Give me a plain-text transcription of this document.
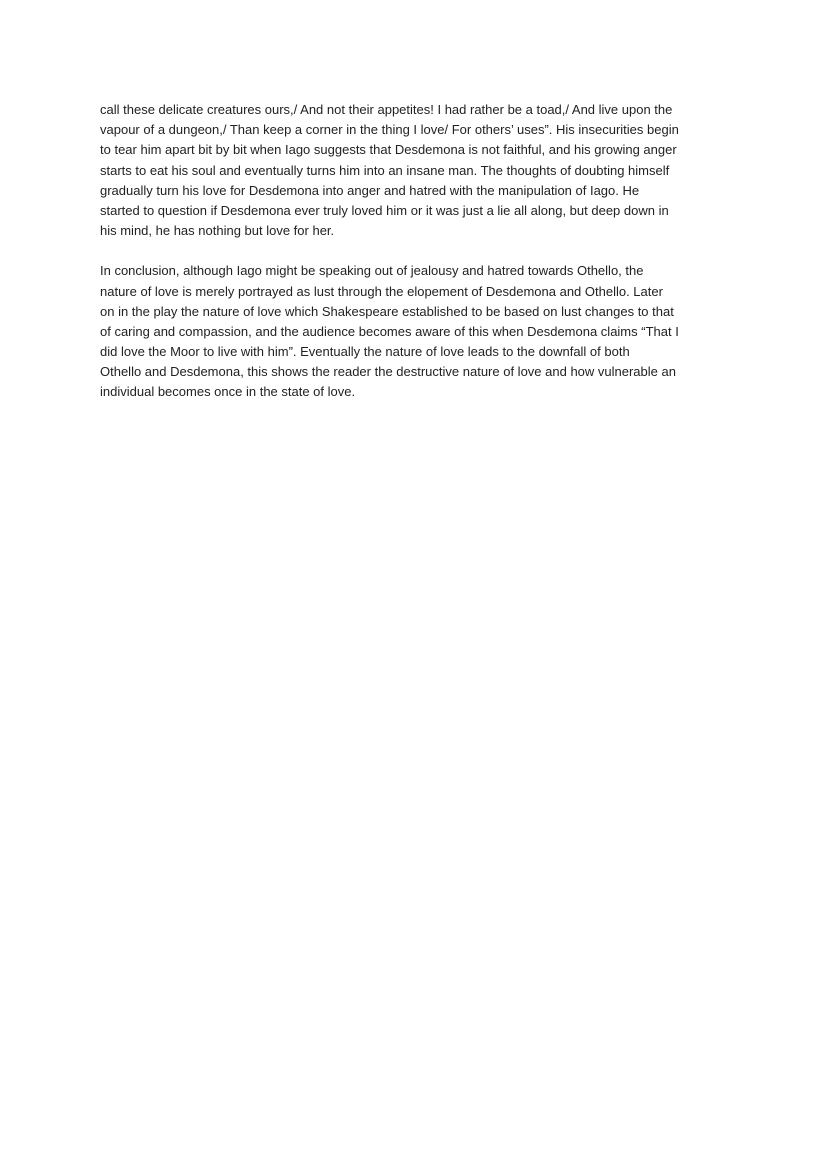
call these delicate creatures ours,/ And not their appetites! I had rather be a toad,/ And live upon the
vapour of a dungeon,/ Than keep a corner in the thing I love/ For others’ uses”. His insecurities begin
to tear him apart bit by bit when Iago suggests that Desdemona is not faithful, and his growing anger
starts to eat his soul and eventually turns him into an insane man. The thoughts of doubting himself
gradually turn his love for Desdemona into anger and hatred with the manipulation of Iago. He
started to question if Desdemona ever truly loved him or it was just a lie all along, but deep down in
his mind, he has nothing but love for her.
In conclusion, although Iago might be speaking out of jealousy and hatred towards Othello, the
nature of love is merely portrayed as lust through the elopement of Desdemona and Othello. Later
on in the play the nature of love which Shakespeare established to be based on lust changes to that
of caring and compassion, and the audience becomes aware of this when Desdemona claims “That I
did love the Moor to live with him”. Eventually the nature of love leads to the downfall of both
Othello and Desdemona, this shows the reader the destructive nature of love and how vulnerable an
individual becomes once in the state of love.
